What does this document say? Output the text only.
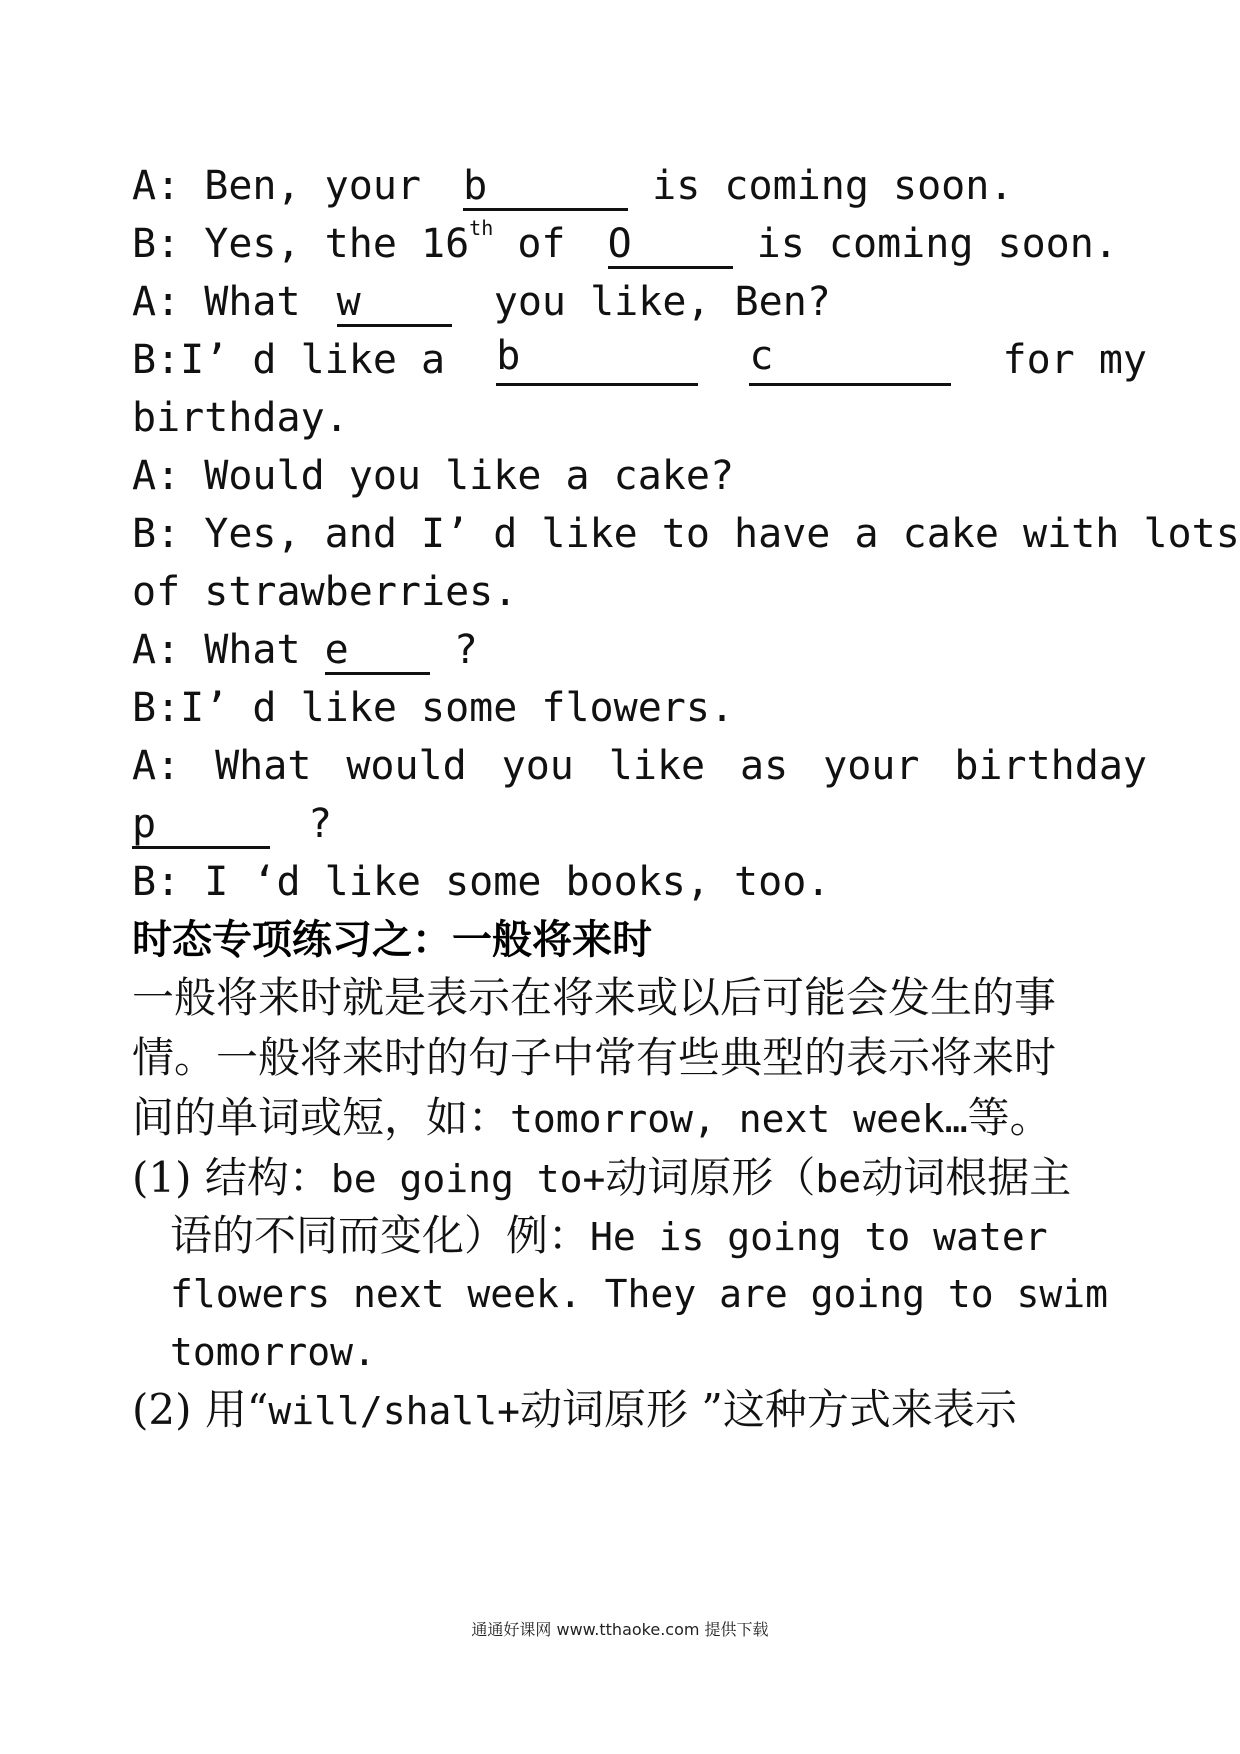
A: Ben, your b	is coming soon.
B: Yes, the 16th of O	is coming soon.
A: What w	you like, Ben?
B:I’ d like a b	c	for my
birthday.
A: Would you like a cake?
B: Yes, and I’ d like to have a cake with lots
of strawberries.
A: What e ?
B:I’ d like some flowers.
A: What would you like as your birthday
p	?
B: I ‘d like some books, too.
时态专项练习之：一般将来时
一般将来时就是表示在将来或以后可能会发生的事
情。一般将来时的句子中常有些典型的表示将来时
间的单词或短，如：tomorrow, next week…等。
(1) 结构：be going to+动词原形（be动词根据主
语的不同而变化）例：He is going to water
flowers next week. They are going to swim
tomorrow.
(2) 用“will/shall+动词原形 ”这种方式来表示
通通好课网 www.tthaoke.com 提供下载
